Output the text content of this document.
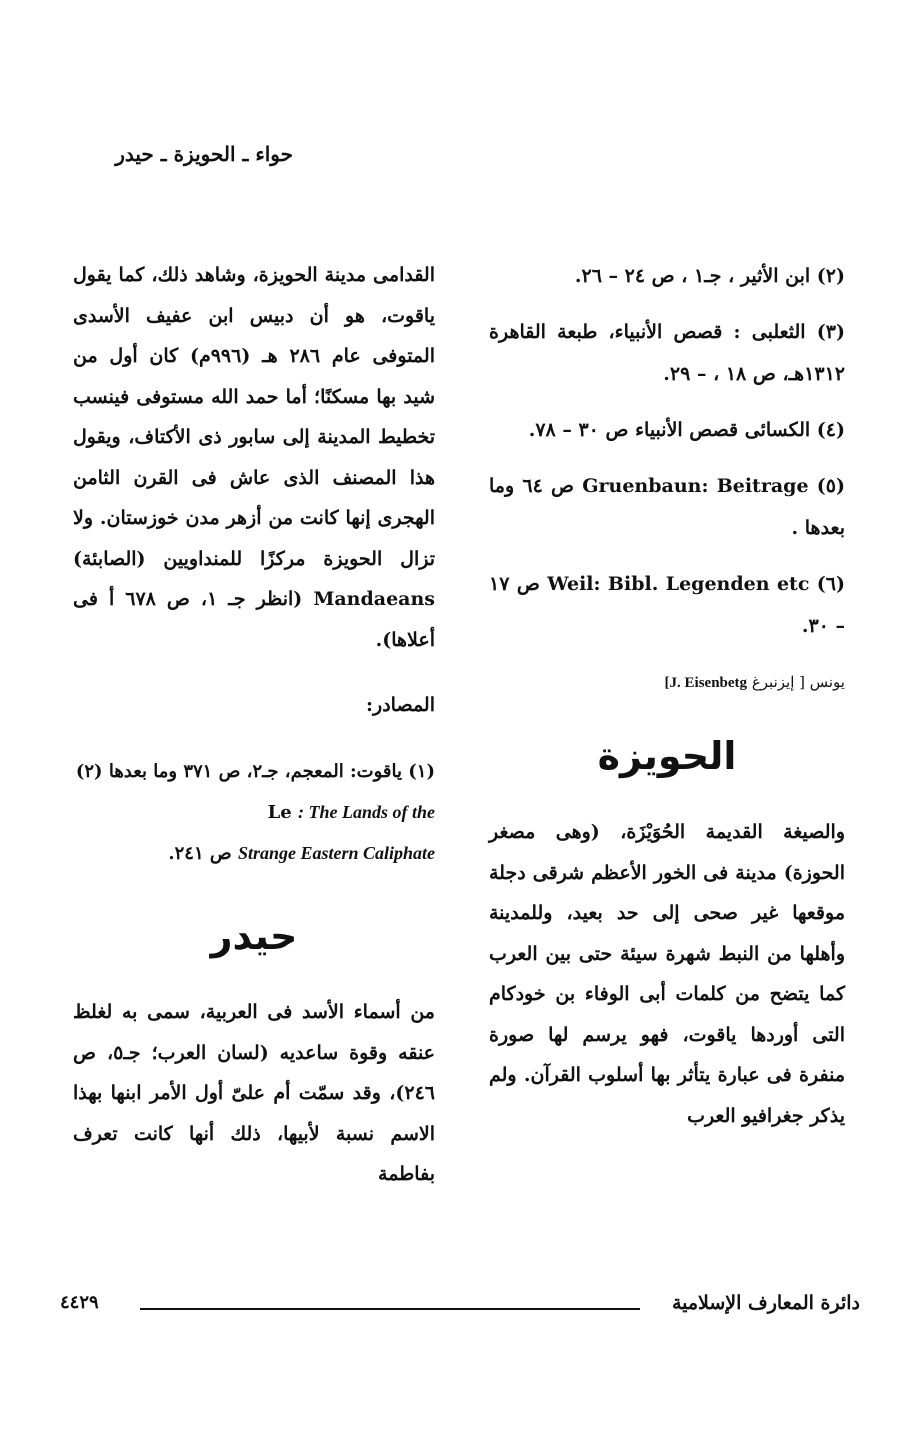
حواء ـ الحويزة ـ حيدر

(٢) ابن الأثير ، جـ١ ، ص ٢٤ – ٢٦.

(٣) الثعلبى : قصص الأنبياء، طبعة القاهرة ١٣١٢هـ، ص ١٨ ، – ٢٩.

(٤) الكسائى قصص الأنبياء ص ٣٠ – ٧٨.

(٥) Gruenbaun: Beitrage ص ٦٤ وما بعدها .

(٦) Weil: Bibl. Legenden etc ص ١٧ – ٣٠.

يونس [ إيزنبرغ J. Eisenbetg]
الحويزة
والصيغة القديمة الحُوَيْزَة، (وهى مصغر الحوزة) مدينة فى الخور الأعظم شرقى دجلة موقعها غير صحى إلى حد بعيد، وللمدينة وأهلها من النبط شهرة سيئة حتى بين العرب كما يتضح من كلمات أبى الوفاء بن خودكام التى أوردها ياقوت، فهو يرسم لها صورة منفرة فى عبارة يتأثر بها أسلوب القرآن. ولم يذكر جغرافيو العرب
القدامى مدينة الحويزة، وشاهد ذلك، كما يقول ياقوت، هو أن دبيس ابن عفيف الأسدى المتوفى عام ٢٨٦ هـ (٩٩٦م) كان أول من شيد بها مسكنًا؛ أما حمد الله مستوفى فينسب تخطيط المدينة إلى سابور ذى الأكتاف، ويقول هذا المصنف الذى عاش فى القرن الثامن الهجرى إنها كانت من أزهر مدن خوزستان. ولا تزال الحويزة مركزًا للمنداويين (الصابئة) Mandaeans (انظر جـ ١، ص ٦٧٨ أ فى أعلاها).
المصادر:
(١) ياقوت: المعجم، جـ٢، ص ٣٧١ وما بعدها (٢) Le : The Lands of the
Strange Eastern Caliphate ص ٢٤١.
حيدر
من أسماء الأسد فى العربية، سمى به لغلظ عنقه وقوة ساعديه (لسان العرب؛ جـ٥، ص ٢٤٦)، وقد سمّت أم علىّ أول الأمر ابنها بهذا الاسم نسبة لأبيها، ذلك أنها كانت تعرف بفاطمة
دائرة المعارف الإسلامية
٤٤٢٩
